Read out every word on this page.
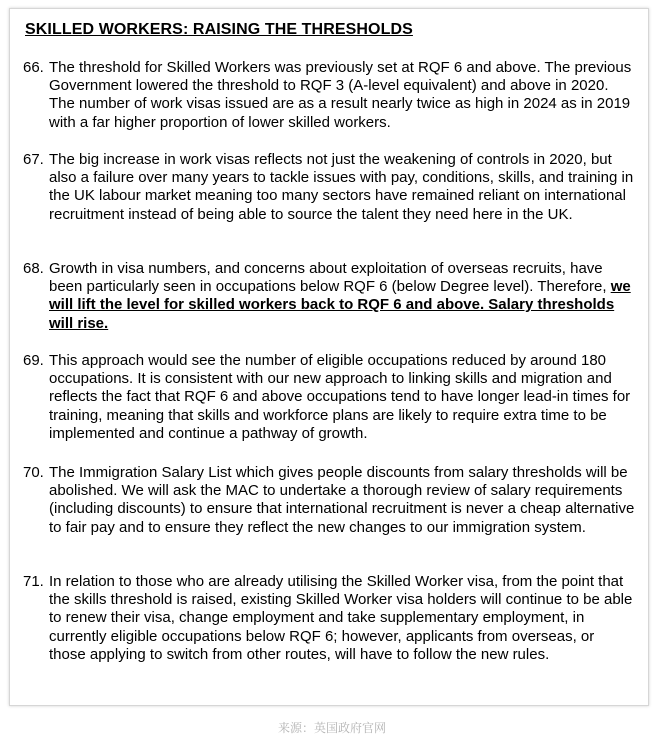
SKILLED WORKERS: RAISING THE THRESHOLDS
66. The threshold for Skilled Workers was previously set at RQF 6 and above. The previous Government lowered the threshold to RQF 3 (A-level equivalent) and above in 2020. The number of work visas issued are as a result nearly twice as high in 2024 as in 2019 with a far higher proportion of lower skilled workers.
67. The big increase in work visas reflects not just the weakening of controls in 2020, but also a failure over many years to tackle issues with pay, conditions, skills, and training in the UK labour market meaning too many sectors have remained reliant on international recruitment instead of being able to source the talent they need here in the UK.
68. Growth in visa numbers, and concerns about exploitation of overseas recruits, have been particularly seen in occupations below RQF 6 (below Degree level). Therefore, we will lift the level for skilled workers back to RQF 6 and above. Salary thresholds will rise.
69. This approach would see the number of eligible occupations reduced by around 180 occupations. It is consistent with our new approach to linking skills and migration and reflects the fact that RQF 6 and above occupations tend to have longer lead-in times for training, meaning that skills and workforce plans are likely to require extra time to be implemented and continue a pathway of growth.
70. The Immigration Salary List which gives people discounts from salary thresholds will be abolished. We will ask the MAC to undertake a thorough review of salary requirements (including discounts) to ensure that international recruitment is never a cheap alternative to fair pay and to ensure they reflect the new changes to our immigration system.
71. In relation to those who are already utilising the Skilled Worker visa, from the point that the skills threshold is raised, existing Skilled Worker visa holders will continue to be able to renew their visa, change employment and take supplementary employment, in currently eligible occupations below RQF 6; however, applicants from overseas, or those applying to switch from other routes, will have to follow the new rules.
来源：英国政府官网
